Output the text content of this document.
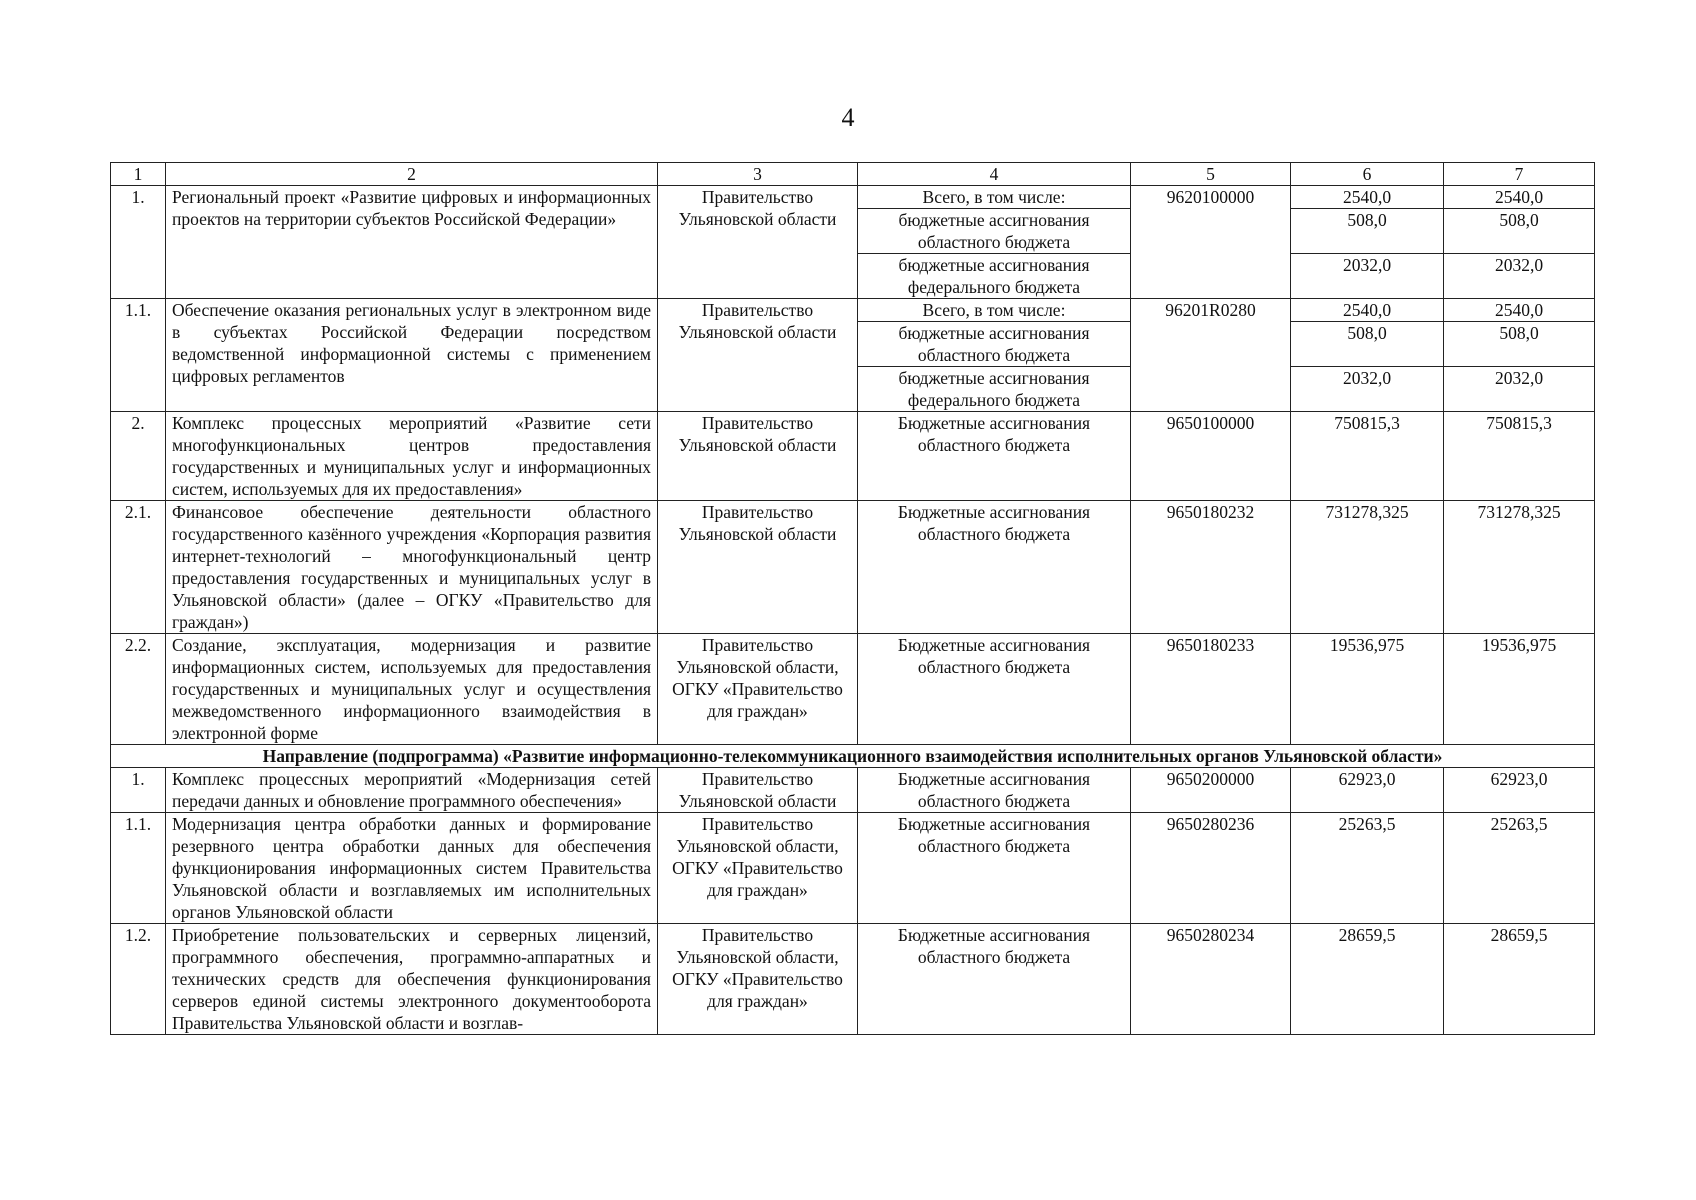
4
1	2	3	4	5	6	7
1.	Региональный проект «Развитие цифровых и информационных проектов на территории субъектов Российской Федерации»	Правительство Ульяновской области	Всего, в том числе:	9620100000	2540,0	2540,0
			бюджетные ассигнования областного бюджета		508,0	508,0
			бюджетные ассигнования федерального бюджета		2032,0	2032,0
1.1.	Обеспечение оказания региональных услуг в электронном виде в субъектах Российской Федерации посредством ведомственной информационной системы с применением цифровых регламентов	Правительство Ульяновской области	Всего, в том числе:	96201R0280	2540,0	2540,0
			бюджетные ассигнования областного бюджета		508,0	508,0
			бюджетные ассигнования федерального бюджета		2032,0	2032,0
2.	Комплекс процессных мероприятий «Развитие сети многофункциональных центров предоставления государственных и муниципальных услуг и информационных систем, используемых для их предоставления»	Правительство Ульяновской области	Бюджетные ассигнования областного бюджета	9650100000	750815,3	750815,3
2.1.	Финансовое обеспечение деятельности областного государственного казённого учреждения «Корпорация развития интернет-технологий – многофункциональный центр предоставления государственных и муниципальных услуг в Ульяновской области» (далее – ОГКУ «Правительство для граждан»)	Правительство Ульяновской области	Бюджетные ассигнования областного бюджета	9650180232	731278,325	731278,325
2.2.	Создание, эксплуатация, модернизация и развитие информационных систем, используемых для предоставления государственных и муниципальных услуг и осуществления межведомственного информационного взаимодействия в электронной форме	Правительство Ульяновской области, ОГКУ «Правительство для граждан»	Бюджетные ассигнования областного бюджета	9650180233	19536,975	19536,975
Направление (подпрограмма) «Развитие информационно-телекоммуникационного взаимодействия исполнительных органов Ульяновской области»						
1.	Комплекс процессных мероприятий «Модернизация сетей передачи данных и обновление программного обеспечения»	Правительство Ульяновской области	Бюджетные ассигнования областного бюджета	9650200000	62923,0	62923,0
1.1.	Модернизация центра обработки данных и формирование резервного центра обработки данных для обеспечения функционирования информационных систем Правительства Ульяновской области и возглавляемых им исполнительных органов Ульяновской области	Правительство Ульяновской области, ОГКУ «Правительство для граждан»	Бюджетные ассигнования областного бюджета	9650280236	25263,5	25263,5
1.2.	Приобретение пользовательских и серверных лицензий, программного обеспечения, программно-аппаратных и технических средств для обеспечения функционирования серверов единой системы электронного документооборота Правительства Ульяновской области и возглав-	Правительство Ульяновской области, ОГКУ «Правительство для граждан»	Бюджетные ассигнования областного бюджета	9650280234	28659,5	28659,5
